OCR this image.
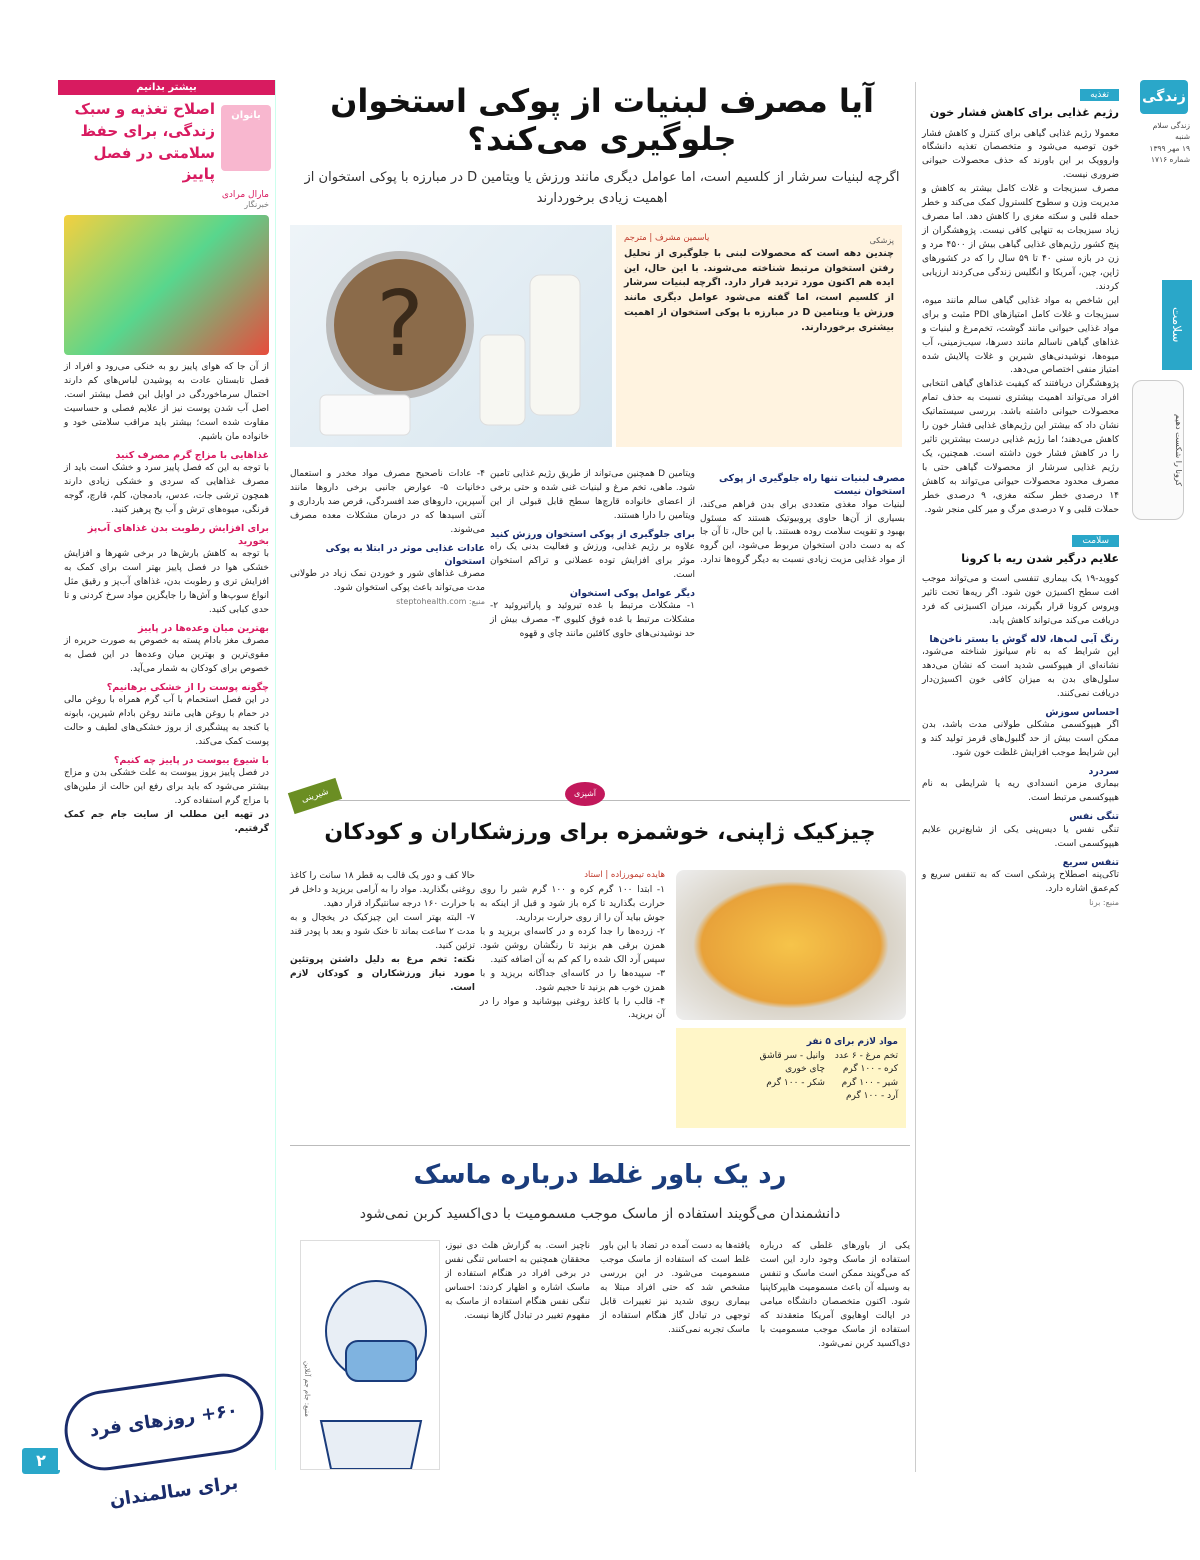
زندگی
زندگی سلام
شنبه
۱۹ مهر ۱۳۹۹
شماره ۱۷۱۶
سلامت
کرونا را شکست دهیم
۲
تغذیه
رژیم غذایی برای کاهش فشار خون

معمولا رژیم غذایی گیاهی برای کنترل و کاهش فشار خون توصیه می‌شود و متخصصان تغذیه دانشگاه واروویک بر این باورند که حذف محصولات حیوانی ضروری نیست.

مصرف سبزیجات و غلات کامل بیشتر به کاهش و مدیریت وزن و سطوح کلسترول کمک می‌کند و خطر حمله قلبی و سکته مغزی را کاهش دهد. اما مصرف زیاد سبزیجات به تنهایی کافی نیست. پژوهشگران از پنج کشور رژیم‌های غذایی گیاهی بیش از ۴۵۰۰ مرد و زن در بازه سنی ۴۰ تا ۵۹ سال را که در کشورهای ژاپن، چین، آمریکا و انگلیس زندگی می‌کردند ارزیابی کردند.

این شاخص به مواد غذایی گیاهی سالم مانند میوه، سبزیجات و غلات کامل امتیازهای PDI مثبت و برای مواد غذایی حیوانی مانند گوشت، تخم‌مرغ و لبنیات و غذاهای گیاهی ناسالم مانند دسرها، سیب‌زمینی، آب میوه‌ها، نوشیدنی‌های شیرین و غلات پالایش شده امتیاز منفی اختصاص می‌دهد.

پژوهشگران دریافتند که کیفیت غذاهای گیاهی انتخابی افراد می‌تواند اهمیت بیشتری نسبت به حذف تمام محصولات حیوانی داشته باشد. بررسی سیستماتیک نشان داد که بیشتر این رژیم‌های غذایی فشار خون را کاهش می‌دهند؛ اما رژیم غذایی درست بیشترین تاثیر را در کاهش فشار خون داشته است. همچنین، یک رژیم غذایی سرشار از محصولات گیاهی حتی با مصرف محدود محصولات حیوانی می‌تواند به کاهش ۱۴ درصدی خطر سکته مغزی، ۹ درصدی خطر حملات قلبی و ۷ درصدی مرگ و میر کلی منجر شود.

سلامت
علایم درگیر شدن ریه با کرونا

کووید-۱۹ یک بیماری تنفسی است و می‌تواند موجب افت سطح اکسیژن خون شود. اگر ریه‌ها تحت تاثیر ویروس کرونا قرار بگیرند، میزان اکسیژنی که فرد دریافت می‌کند می‌تواند کاهش یابد.

رنگ آبی لب‌ها، لاله گوش یا بستر ناخن‌ها

این شرایط که به نام سیانوز شناخته می‌شود، نشانه‌ای از هیپوکسی شدید است که نشان می‌دهد سلول‌های بدن به میزان کافی خون اکسیژن‌دار دریافت نمی‌کنند.

احساس سوزش

اگر هیپوکسمی مشکلی طولانی مدت باشد، بدن ممکن است بیش از حد گلبول‌های قرمز تولید کند و این شرایط موجب افزایش غلظت خون شود.

سردرد

بیماری مزمن انسدادی ریه یا شرایطی به نام هیپوکسمی مرتبط است.

تنگی نفس

تنگی نفس یا دیس‌پنی یکی از شایع‌ترین علایم هیپوکسمی است.

تنفس سریع

تاکی‌پنه اصطلاح پزشکی است که به تنفس سریع و کم‌عمق اشاره دارد.

منبع: برنا

آیا مصرف لبنیات از پوکی استخوان جلوگیری می‌کند؟
اگرچه لبنیات سرشار از کلسیم است، اما عوامل دیگری مانند ورزش یا ویتامین D در مبارزه با پوکی استخوان از اهمیت زیادی برخوردارند
?
پزشکی
یاسمین مشرف | مترجم

چندین دهه است که محصولات لبنی با جلوگیری از تحلیل رفتن استخوان مرتبط شناخته می‌شوند. با این حال، این ایده هم اکنون مورد تردید قرار دارد. اگرچه لبنیات سرشار از کلسیم است، اما گفته می‌شود عوامل دیگری مانند ورزش یا ویتامین D در مبارزه با پوکی استخوان از اهمیت بیشتری برخوردارند.

مصرف لبنیات تنها راه جلوگیری از پوکی استخوان نیست

لبنیات مواد مغذی متعددی برای بدن فراهم می‌کند، بسیاری از آن‌ها حاوی پروبیوتیک هستند که مسئول بهبود و تقویت سلامت روده هستند. با این حال، تا آن جا که به دست دادن استخوان مربوط می‌شود، این گروه از مواد غذایی مزیت زیادی نسبت به دیگر گروه‌ها ندارد.

ویتامین D همچنین می‌تواند از طریق رژیم غذایی تامین شود. ماهی، تخم مرغ و لبنیات غنی شده و حتی برخی از اعضای خانواده قارچ‌ها سطح قابل قبولی از این ویتامین را دارا هستند.

برای جلوگیری از پوکی استخوان ورزش کنید

علاوه بر رژیم غذایی، ورزش و فعالیت بدنی یک راه موثر برای افزایش توده عضلانی و تراکم استخوان است.

دیگر عوامل پوکی استخوان

۱- مشکلات مرتبط با غده تیروئید و پاراتیروئید ۲- مشکلات مرتبط با غده فوق کلیوی ۳- مصرف بیش از حد نوشیدنی‌های حاوی کافئین مانند چای و قهوه

۴- عادات ناصحیح مصرف مواد مخدر و استعمال دخانیات ۵- عوارض جانبی برخی داروها مانند آسپرین، داروهای ضد افسردگی، قرص ضد بارداری و آنتی اسیدها که در درمان مشکلات معده مصرف می‌شوند.

عادات غذایی موثر در ابتلا به پوکی استخوان

مصرف غذاهای شور و خوردن نمک زیاد در طولانی مدت می‌تواند باعث پوکی استخوان شود.

منبع: steptohealth.com

آشپزی
شیرینی
چیزکیک ژاپنی، خوشمزه برای ورزشکاران و کودکان
مواد لازم برای ۵ نفر
تخم مرغ - ۶ عدد
کره - ۱۰۰ گرم
شیر - ۱۰۰ گرم
آرد - ۱۰۰ گرم
وانیل - سر قاشق
چای خوری
شکر - ۱۰۰ گرم
هایده تیمورزاده | استاد

۱- ابتدا ۱۰۰ گرم کره و ۱۰۰ گرم شیر را روی حرارت بگذارید تا کره باز شود و قبل از اینکه به جوش بیاید آن را از روی حرارت بردارید.

۲- زرده‌ها را جدا کرده و در کاسه‌ای بریزید و با همزن برقی هم بزنید تا رنگشان روشن شود. سپس آرد الک شده را کم کم به آن اضافه کنید.

۳- سپیده‌ها را در کاسه‌ای جداگانه بریزید و با همزن خوب هم بزنید تا حجیم شود.

۴- قالب را با کاغذ روغنی بپوشانید و مواد را در آن بریزید.

حالا کف و دور یک قالب به قطر ۱۸ سانت را کاغذ روغنی بگذارید. مواد را به آرامی بریزید و داخل فر با حرارت ۱۶۰ درجه سانتیگراد قرار دهید.

۷- البته بهتر است این چیزکیک در یخچال و به مدت ۲ ساعت بماند تا خنک شود و بعد با پودر قند تزئین کنید.

نکته: تخم مرغ به دلیل داشتن پروتئین مورد نیاز ورزشکاران و کودکان لازم است.

رد یک باور غلط درباره ماسک
دانشمندان می‌گویند استفاده از ماسک موجب مسمومیت با دی‌اکسید کربن نمی‌شود
منبع: جام جم آنلاین

یکی از باورهای غلطی که درباره استفاده از ماسک وجود دارد این است که می‌گویند ممکن است ماسک و تنفس به وسیله آن باعث مسمومیت هایپرکاپنیا شود. اکنون متخصصان دانشگاه میامی در ایالت اوهایوی آمریکا متعقدند که استفاده از ماسک موجب مسمومیت با دی‌اکسید کربن نمی‌شود.

یافته‌ها به دست آمده در تضاد با این باور غلط است که استفاده از ماسک موجب مسمومیت می‌شود. در این بررسی مشخص شد که حتی افراد مبتلا به بیماری ریوی شدید نیز تغییرات قابل توجهی در تبادل گاز هنگام استفاده از ماسک تجربه نمی‌کنند.

ناچیز است. به گزارش هلث دی نیوز، محققان همچنین به احساس تنگی نفس در برخی افراد در هنگام استفاده از ماسک اشاره و اظهار کردند: احساس تنگی نفس هنگام استفاده از ماسک به مفهوم تغییر در تبادل گازها نیست.

بیشتر بدانیم
اصلاح تغذیه و سبک زندگی، برای حفظ سلامتی در فصل پاییز
بانوان
مارال مرادی
خبرنگار

از آن جا که هوای پاییز رو به خنکی می‌رود و افراد از فصل تابستان عادت به پوشیدن لباس‌های کم دارند احتمال سرماخوردگی در اوایل این فصل بیشتر است. اصل آب شدن پوست نیز از علایم فصلی و حساسیت مقاوت شده است؛ بیشتر باید مراقب سلامتی خود و خانواده مان باشیم.

غذاهایی با مزاج گرم مصرف کنید

با توجه به این که فصل پاییز سرد و خشک است باید از مصرف غذاهایی که سردی و خشکی زیادی دارند همچون ترشی جات، عدس، بادمجان، کلم، قارچ، گوجه فرنگی، میوه‌های ترش و آب یخ پرهیز کنید.

برای افزایش رطوبت بدن غذاهای آب‌پز بخورید

با توجه به کاهش بارش‌ها در برخی شهرها و افزایش خشکی هوا در فصل پاییز بهتر است برای کمک به افزایش تری و رطوبت بدن، غذاهای آب‌پز و رقیق مثل انواع سوپ‌ها و آش‌ها را جایگزین مواد سرخ کردنی و تا حدی کبابی کنید.

بهترین میان وعده‌ها در پاییز

مصرف مغز بادام پسته به خصوص به صورت حریره از مقوی‌ترین و بهترین میان وعده‌ها در این فصل به خصوص برای کودکان به شمار می‌آید.

چگونه پوست را از خشکی برهانیم؟

در این فصل استحمام با آب گرم همراه با روغن مالی در حمام با روغن هایی مانند روغن بادام شیرین، بابونه یا کنجد به پیشگیری از بروز خشکی‌های لطیف و حالت پوست کمک می‌کند.

با شیوع یبوست در پاییز چه کنیم؟

در فصل پاییز بروز یبوست به علت خشکی بدن و مزاج بیشتر می‌شود که باید برای رفع این حالت از ملین‌های با مزاج گرم استفاده کرد.

در تهیه این مطلب از سایت جام جم کمک گرفتیم.

۶۰+ روزهای فرد برای سالمندان
